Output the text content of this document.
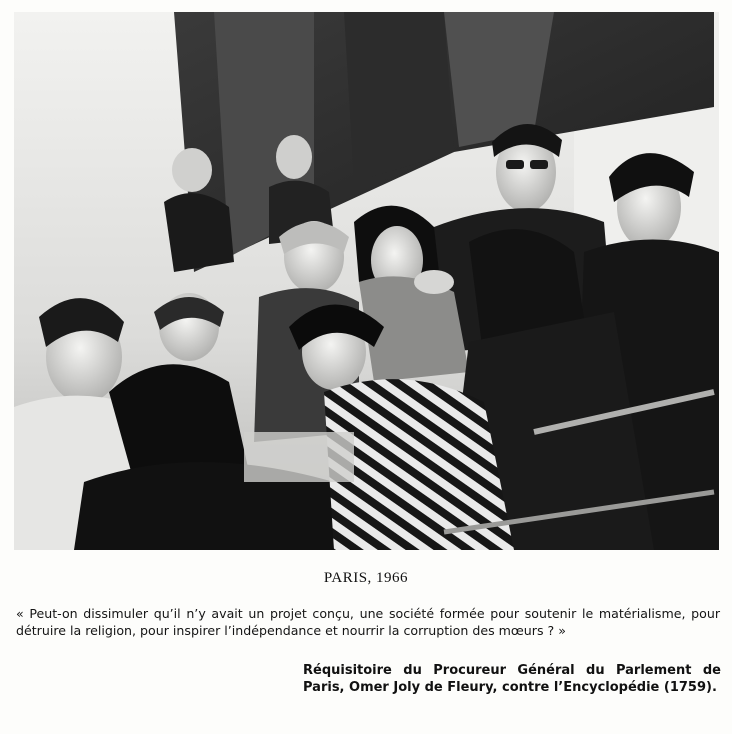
PARIS, 1966
« Peut-on dissimuler qu’il n’y avait un projet conçu, une société formée pour soutenir le matérialisme, pour détruire la religion, pour inspirer l’indépendance et nourrir la corruption des mœurs ? »
Réquisitoire du Procureur Général du Parlement de Paris, Omer Joly de Fleury, contre l’Encyclopédie (1759).
